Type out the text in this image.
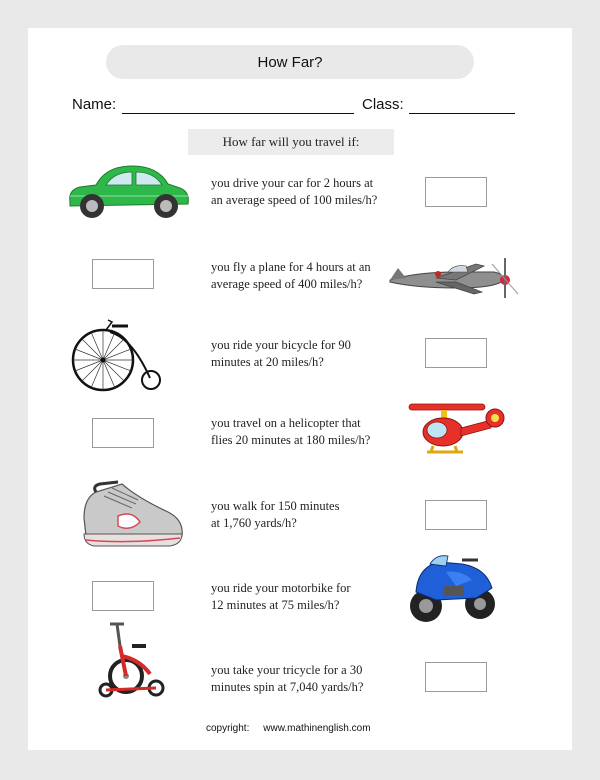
How Far?
Name:	Class:
How far will you travel if:
you drive your car for 2 hours at
an average speed of 100 miles/h?
you fly a plane for 4 hours at an
average speed of 400 miles/h?
you ride your bicycle for 90
minutes at 20 miles/h?
you travel on a helicopter that
flies 20 minutes at 180 miles/h?
you walk for 150 minutes
at 1,760 yards/h?
you ride your motorbike for
12 minutes at 75 miles/h?
you take your tricycle for a 30
minutes spin at 7,040 yards/h?
copyright: www.mathinenglish.com
